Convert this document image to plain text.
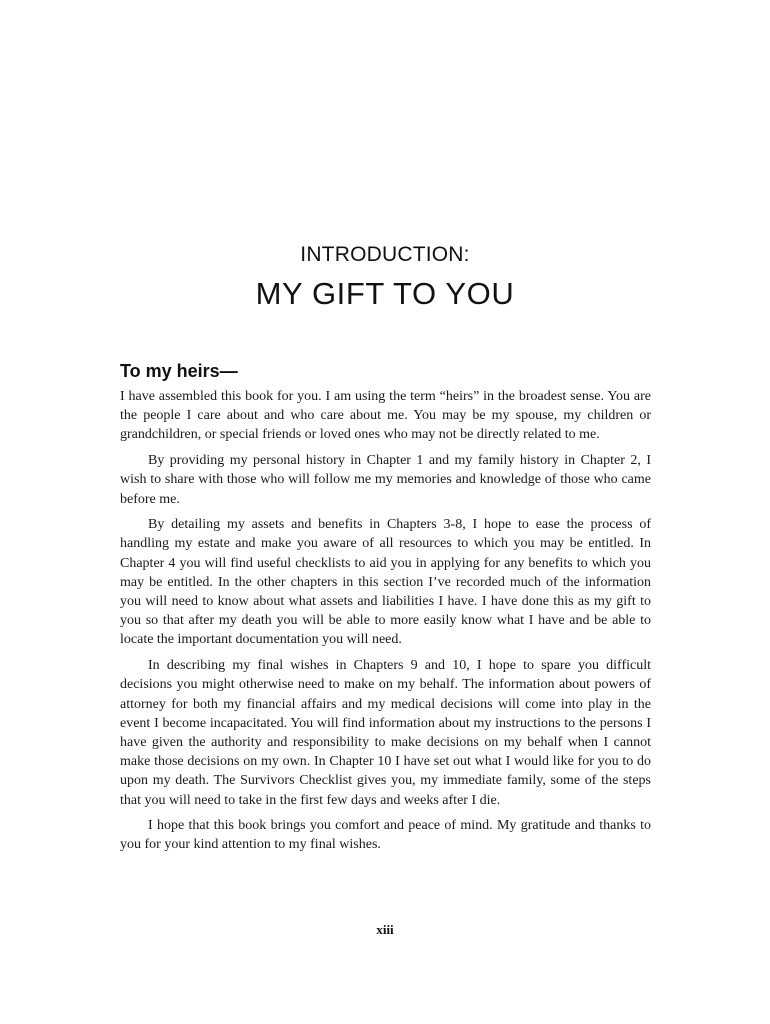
INTRODUCTION:
MY GIFT TO YOU
To my heirs—

I have assembled this book for you. I am using the term “heirs” in the broadest sense. You are the people I care about and who care about me. You may be my spouse, my children or grandchildren, or special friends or loved ones who may not be directly related to me.

By providing my personal history in Chapter 1 and my family history in Chapter 2, I wish to share with those who will follow me my memories and knowledge of those who came before me.

By detailing my assets and benefits in Chapters 3-8, I hope to ease the process of handling my estate and make you aware of all resources to which you may be entitled. In Chapter 4 you will find useful checklists to aid you in applying for any benefits to which you may be entitled. In the other chapters in this section I’ve recorded much of the information you will need to know about what assets and liabilities I have. I have done this as my gift to you so that after my death you will be able to more easily know what I have and be able to locate the important documentation you will need.

In describing my final wishes in Chapters 9 and 10, I hope to spare you difficult decisions you might otherwise need to make on my behalf. The information about powers of attorney for both my financial affairs and my medical decisions will come into play in the event I become incapacitated. You will find information about my instructions to the persons I have given the authority and responsibility to make decisions on my behalf when I cannot make those decisions on my own. In Chapter 10 I have set out what I would like for you to do upon my death. The Survivors Checklist gives you, my immediate family, some of the steps that you will need to take in the first few days and weeks after I die.

I hope that this book brings you comfort and peace of mind. My gratitude and thanks to you for your kind attention to my final wishes.

xiii
